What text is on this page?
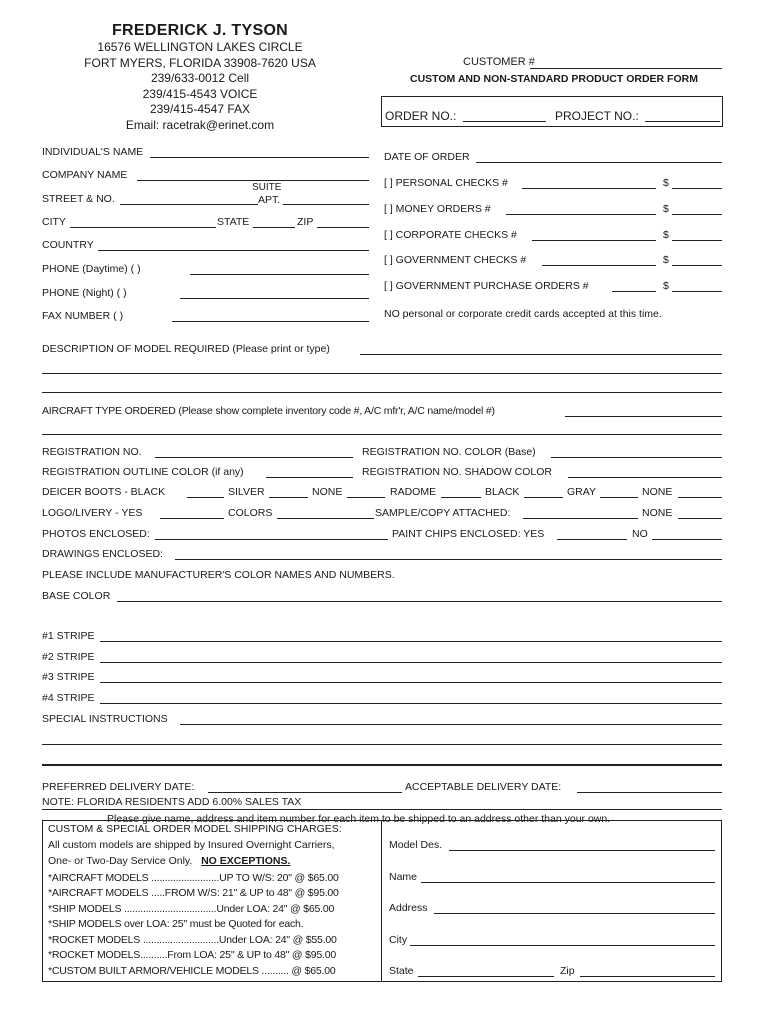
FREDERICK J. TYSON
16576 WELLINGTON LAKES CIRCLE
FORT MYERS, FLORIDA 33908-7620 USA
239/633-0012 Cell
239/415-4543 VOICE
239/415-4547 FAX
Email: racetrak@erinet.com
CUSTOMER #
CUSTOM AND NON-STANDARD PRODUCT ORDER FORM
ORDER NO.:	PROJECT NO.:
INDIVIDUAL'S NAME
COMPANY NAME
SUITE
STREET & NO.	APT.
CITY	STATE	ZIP
COUNTRY
PHONE (Daytime) ( )
PHONE (Night) ( )
FAX NUMBER ( )
DATE OF ORDER
[ ] PERSONAL CHECKS #	$
[ ] MONEY ORDERS #	$
[ ] CORPORATE CHECKS #	$
[ ] GOVERNMENT CHECKS #	$
[ ] GOVERNMENT PURCHASE ORDERS #	$
NO personal or corporate credit cards accepted at this time.
DESCRIPTION OF MODEL REQUIRED (Please print or type)
AIRCRAFT TYPE ORDERED (Please show complete inventory code #, A/C mfr'r, A/C name/model #)
REGISTRATION NO.	REGISTRATION NO. COLOR (Base)
REGISTRATION OUTLINE COLOR (if any)	REGISTRATION NO. SHADOW COLOR
DEICER BOOTS - BLACK	SILVER	NONE	RADOME	BLACK	GRAY	NONE
LOGO/LIVERY - YES	COLORS	SAMPLE/COPY ATTACHED:	NONE
PHOTOS ENCLOSED:	PAINT CHIPS ENCLOSED: YES	NO
DRAWINGS ENCLOSED:
PLEASE INCLUDE MANUFACTURER'S COLOR NAMES AND NUMBERS.
BASE COLOR
#1 STRIPE
#2 STRIPE
#3 STRIPE
#4 STRIPE
SPECIAL INSTRUCTIONS
PREFERRED DELIVERY DATE:	ACCEPTABLE DELIVERY DATE:
NOTE: FLORIDA RESIDENTS ADD 6.00% SALES TAX
Please give name, address and item number for each item to be shipped to an address other than your own.
CUSTOM & SPECIAL ORDER MODEL SHIPPING CHARGES:
All custom models are shipped by Insured Overnight Carriers,
One- or Two-Day Service Only. NO EXCEPTIONS.
*AIRCRAFT MODELS .........................UP TO W/S: 20" @ $65.00
*AIRCRAFT MODELS .....FROM W/S: 21" & UP to 48" @ $95.00
*SHIP MODELS ..................................Under LOA: 24" @ $65.00
*SHIP MODELS over LOA: 25" must be Quoted for each.
*ROCKET MODELS ............................Under LOA: 24" @ $55.00
*ROCKET MODELS..........From LOA: 25" & UP to 48" @ $95.00
*CUSTOM BUILT ARMOR/VEHICLE MODELS .......... @ $65.00
Model Des.
Name
Address
City
State	Zip
